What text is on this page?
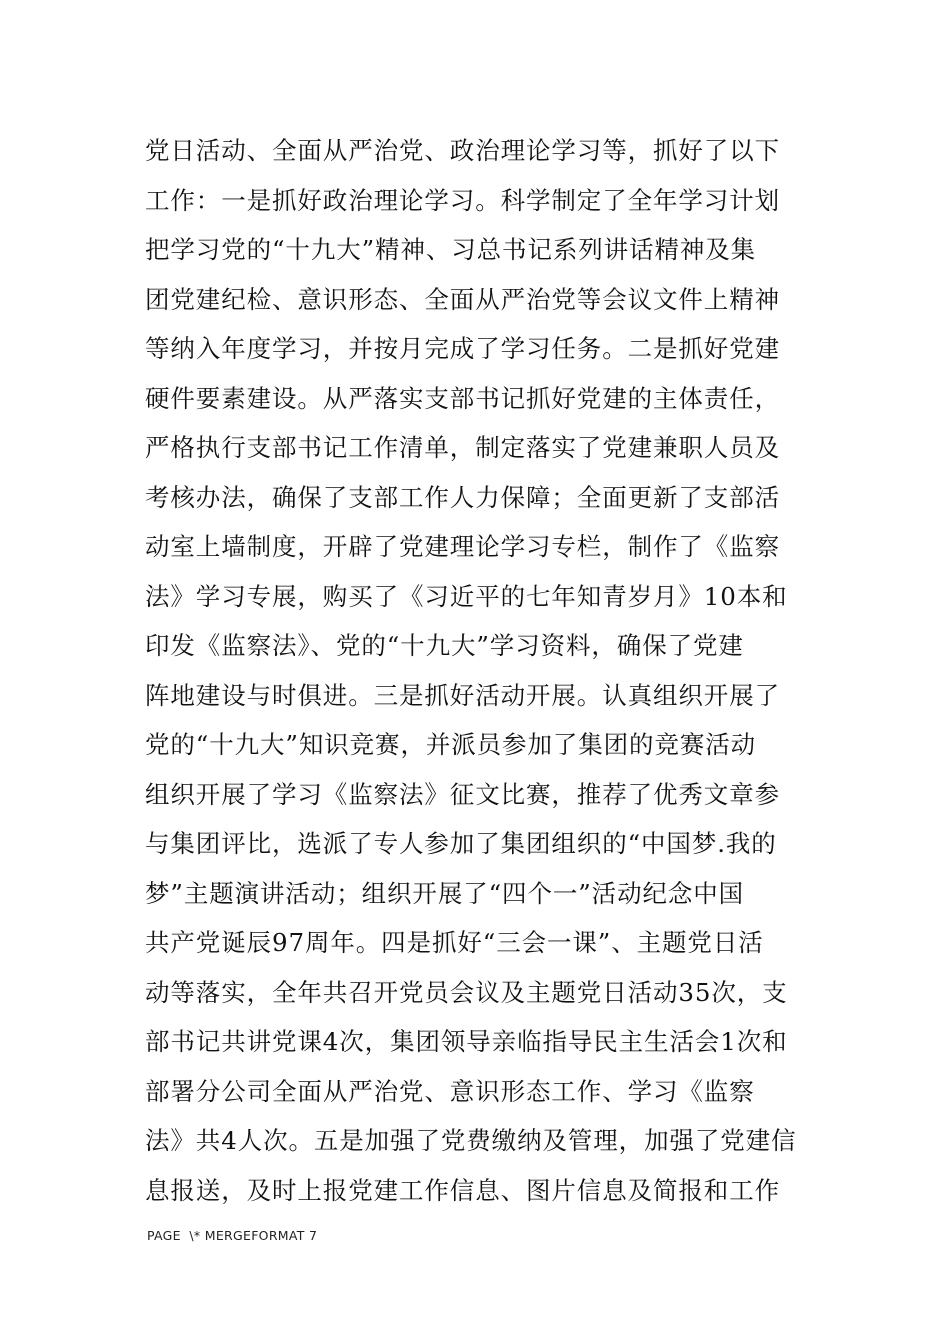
党日活动、全面从严治党、政治理论学习等，抓好了以下
工作：一是抓好政治理论学习。科学制定了全年学习计划
把学习党的“十九大”精神、习总书记系列讲话精神及集
团党建纪检、意识形态、全面从严治党等会议文件上精神
等纳入年度学习，并按月完成了学习任务。二是抓好党建
硬件要素建设。从严落实支部书记抓好党建的主体责任，
严格执行支部书记工作清单，制定落实了党建兼职人员及
考核办法，确保了支部工作人力保障；全面更新了支部活
动室上墙制度，开辟了党建理论学习专栏，制作了《监察
法》学习专展，购买了《习近平的七年知青岁月》10本和
印发《监察法》、党的“十九大”学习资料，确保了党建
阵地建设与时俱进。三是抓好活动开展。认真组织开展了
党的“十九大”知识竞赛，并派员参加了集团的竞赛活动
组织开展了学习《监察法》征文比赛，推荐了优秀文章参
与集团评比，选派了专人参加了集团组织的“中国梦.我的
梦”主题演讲活动；组织开展了“四个一”活动纪念中国
共产党诞辰97周年。四是抓好“三会一课”、主题党日活
动等落实，全年共召开党员会议及主题党日活动35次，支
部书记共讲党课4次，集团领导亲临指导民主生活会1次和
部署分公司全面从严治党、意识形态工作、学习《监察
法》共4人次。五是加强了党费缴纳及管理，加强了党建信
息报送，及时上报党建工作信息、图片信息及简报和工作
PAGE  \* MERGEFORMAT 7
